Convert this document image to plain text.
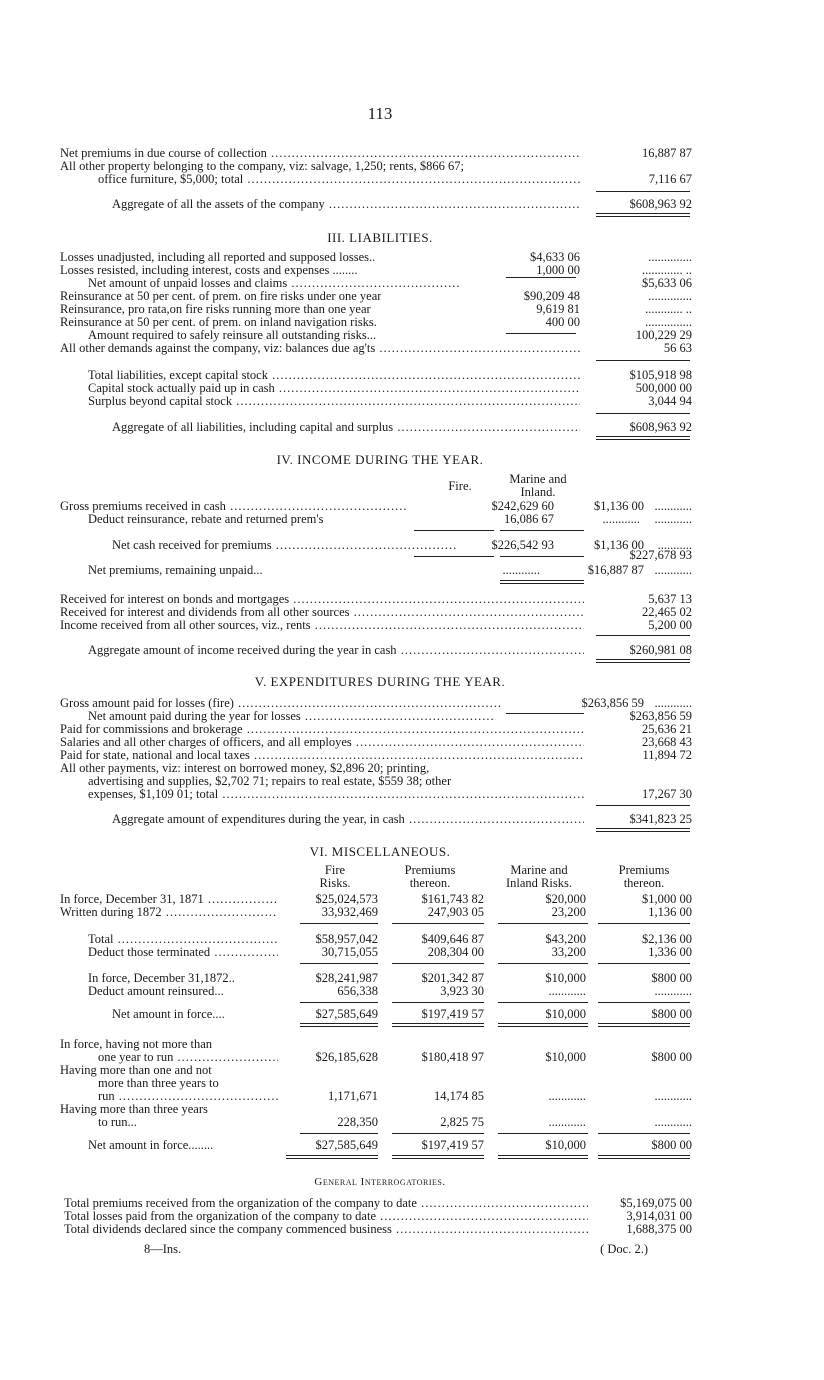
113
Net premiums in due course of collection .....	16,887 87
All other property belonging to the company, viz: salvage, 1,250; rents, $866 67;
office furniture, $5,000; total .....	7,116 67
Aggregate of all the assets of the company .....	$608,963 92
III. LIABILITIES.
Losses unadjusted, including all reported and supposed losses..	$4,633 06	..............
Losses resisted, including interest, costs and expenses ........	1,000 00	............. ..
Net amount of unpaid losses and claims .....	$5,633 06
Reinsurance at 50 per cent. of prem. on fire risks under one year	$90,209 48	..............
Reinsurance, pro rata,on fire risks running more than one year	9,619 81	............ ..
Reinsurance at 50 per cent. of prem. on inland navigation risks.	400 00	...............
Amount required to safely reinsure all outstanding risks...	100,229 29
All other demands against the company, viz: balances due ag'ts .....	56 63
Total liabilities, except capital stock .....	$105,918 98
Capital stock actually paid up in cash .....	500,000 00
Surplus beyond capital stock .....	3,044 94
Aggregate of all liabilities, including capital and surplus .....	$608,963 92
IV. INCOME DURING THE YEAR.
Fire.	Marine and
Inland.
Gross premiums received in cash .....	$242,629 60	$1,136 00 ............
Deduct reinsurance, rebate and returned prem's	16,086 67	............	............
Net cash received for premiums .....	$226,542 93	$1,136 00	...........
$227,678 93
Net premiums, remaining unpaid...	............	$16,887 87 ............
Received for interest on bonds and mortgages .....	5,637 13
Received for interest and dividends from all other sources .....	22,465 02
Income received from all other sources, viz., rents .....	5,200 00
Aggregate amount of income received during the year in cash .....	$260,981 08
V. EXPENDITURES DURING THE YEAR.
Gross amount paid for losses (fire) .....	$263,856 59 ............
Net amount paid during the year for losses .....	$263,856 59
Paid for commissions and brokerage .....	25,636 21
Salaries and all other charges of officers, and all employes .....	23,668 43
Paid for state, national and local taxes .....	11,894 72
All other payments, viz: interest on borrowed money, $2,896 20; printing,
advertising and supplies, $2,702 71; repairs to real estate, $559 38; other
expenses, $1,109 01; total .....	17,267 30
Aggregate amount of expenditures during the year, in cash .....	$341,823 25
VI. MISCELLANEOUS.
Fire
Risks.
Premiums
thereon.
Marine and
Inland Risks.
Premiums
thereon.
In force, December 31, 1871 .....	$25,024,573	$161,743 82	$20,000	$1,000 00
Written during 1872 .....	33,932,469	247,903 05	23,200	1,136 00
Total .....	$58,957,042	$409,646 87	$43,200	$2,136 00
Deduct those terminated .....	30,715,055	208,304 00	33,200	1,336 00
In force, December 31,1872..	$28,241,987	$201,342 87	$10,000	$800 00
Deduct amount reinsured...	656,338	3,923 30	............	............
Net amount in force....	$27,585,649	$197,419 57	$10,000	$800 00
In force, having not more than
one year to run .....	$26,185,628	$180,418 97	$10,000	$800 00
Having more than one and not
more than three years to
run .....	1,171,671	14,174 85	............	............
Having more than three years
to run...	228,350	2,825 75	............	............
Net amount in force........	$27,585,649	$197,419 57	$10,000	$800 00
General Interrogatories.
Total premiums received from the organization of the company to date .....	$5,169,075 00
Total losses paid from the organization of the company to date .....	3,914,031 00
Total dividends declared since the company commenced business .....	1,688,375 00
8—Ins.	( Doc. 2.)
